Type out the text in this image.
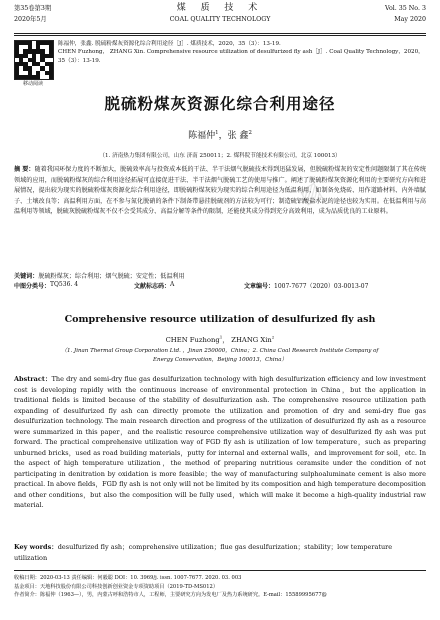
▨
第35卷第3期
2020年5月
煤 质 技 术
COAL QUALITY TECHNOLOGY
Vol. 35 No. 3
May 2020
移动阅读
陈福仲，张鑫. 脱硫粉煤灰资源化综合利用途径［J］. 煤质技术，2020，35（3）：13-19.
CHEN Fuzhong， ZHANG Xin. Comprehensive resource utilization of desulfurized fly ash［J］. Coal Quality Technology，2020，35（3）：13-19.
脱硫粉煤灰资源化综合利用途径
陈福仲$^1$，张 鑫$^2$
（1. 济南热力集团有限公司，山东 济南 250011；2. 煤科院节能技术有限公司，北京 100013）
摘 要：随着我国环保力度的不断加大，脱硫效率高与投资成本低的干法、半干法烟气脱硫技术得到迅猛发展，但脱硫粉煤灰的安定性问题限制了其在传统领域的应用，而脱硫粉煤灰的综合利用途径拓展可直接促进干法、半干法烟气脱硫工艺的使用与推广。阐述了脱硫粉煤灰资源化利用的主要研究方向和进展情况，提出较为现实的脱硫粉煤灰资源化综合利用途径，即脱硫粉煤灰较为现实的综合利用途径为低温利用，如制备免烧砖、用作道路材料、内外墙腻子、土壤改良等；高温利用方面，在不参与氮化脱硝的条件下制备带悬挂脱硫剂的方法较为可行；制造硫铝酸盐水泥的途径也较为实用。在低温利用与高温利用等领域，脱硫灰脱硫粉煤灰不仅不会受其成分、高温分解等条件的限制，还能使其成分得到充分高效利用，成为品质优良的工业原料。
关键词：脱硫粉煤灰；综合利用；烟气脱硫；安定性；低温利用
中图分类号： TQ536. 4	文献标志码： A	文章编号： 1007-7677（2020）03-0013-07
Comprehensive resource utilization of desulfurized fly ash
CHEN Fuzhong$^1$， ZHANG Xin$^2$
（1. Jinan Thermal Group Corporation Ltd. ，Jinan 250000，China；2. China Coal Research Institute Company of Energy Conservation，Beijing 100013，China）
Abstract：The dry and semi-dry flue gas desulfurization technology with high desulfurization efficiency and low investment cost is developing rapidly with the continuous increase of environmental protection in China，but the application in traditional fields is limited because of the stability of desulfurization ash. The comprehensive resource utilization path expanding of desulfurized fly ash can directly promote the utilization and promotion of dry and semi-dry flue gas desulfurization technology. The main research direction and progress of the utilization of desulfurized fly ash as a resource were summarized in this paper，and the realistic resource comprehensive utilization way of desulfurized fly ash was put forward. The practical comprehensive utilization way of FGD fly ash is utilization of low temperature，such as preparing unburned bricks，used as road building materials，putty for internal and external walls，and improvement for soil，etc. In the aspect of high temperature utilization，the method of preparing nutritious ceramsite under the condition of not participating in denitration by oxidation is more feasible；the way of manufacturing sulphoaluminate cement is also more practical. In above fields，FGD fly ash is not only will not be limited by its composition and high temperature decomposition and other conditions，but also the composition will be fully used，which will make it become a high-quality industrial raw material.
Key words：desulfurized fly ash；comprehensive utilization；flue gas desulfurization；stability；low temperature utilization
收稿日期：2020-03-13 责任编辑：何毅聪 DOI：10. 3969/j. issn. 1007-7677. 2020. 03. 003
基金项目：天地科技股份有限公司科技创新创业资金专项资助项目（2019-TD-MS012）
作者简介：陈福仲（1963—），男，内蒙古呼和浩特市人，工程师，主要研究方向为发电厂及热力系统研究。E-mail：15589995677@
